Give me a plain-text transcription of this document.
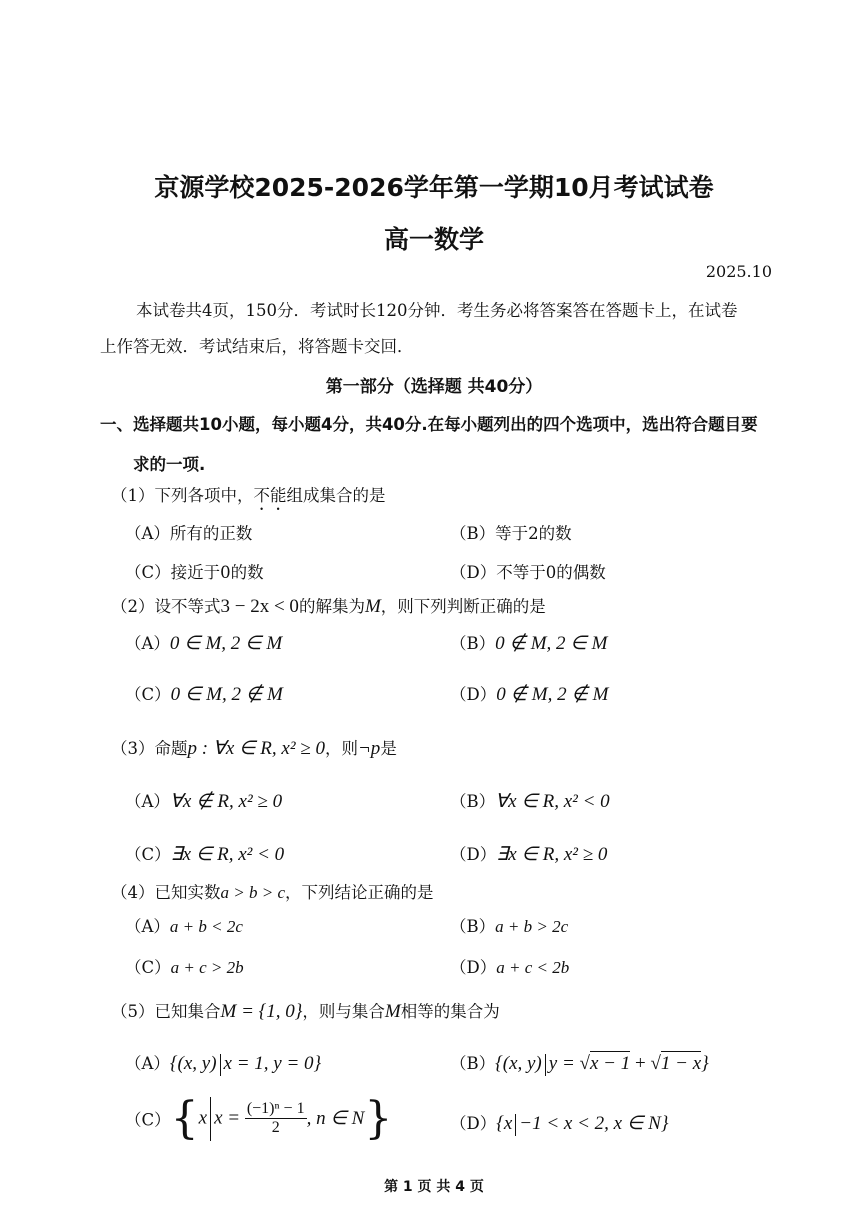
京源学校2025-2026学年第一学期10月考试试卷
高一数学
2025.10
本试卷共4页，150分．考试时长120分钟．考生务必将答案答在答题卡上，在试卷
上作答无效．考试结束后，将答题卡交回．
第一部分（选择题 共40分）
一、选择题共10小题，每小题4分，共40分.在每小题列出的四个选项中，选出符合题目要
求的一项.
（1）下列各项中，不能组成集合的是
（A）所有的正数	（B）等于2的数
（C）接近于0的数	（D）不等于0的偶数
（2）设不等式3 − 2x < 0的解集为M，则下列判断正确的是
（A）0 ∈ M, 2 ∈ M	（B）0 ∉ M, 2 ∈ M
（C）0 ∈ M, 2 ∉ M	（D）0 ∉ M, 2 ∉ M
（3）命题p : ∀x ∈ R, x² ≥ 0，则¬p是
（A）∀x ∉ R, x² ≥ 0	（B）∀x ∈ R, x² < 0
（C）∃x ∈ R, x² < 0	（D）∃x ∈ R, x² ≥ 0
（4）已知实数a > b > c，下列结论正确的是
（A）a + b < 2c	（B）a + b > 2c
（C）a + c > 2b	（D）a + c < 2b
（5）已知集合M = {1, 0}，则与集合M相等的集合为
（A）{(x, y) x = 1, y = 0}	（B）{(x, y) y = √x − 1 + √1 − x}
（C）{x $x = \frac{\text{(−1)ⁿ − 1}}{2}$ , n ∈ N}	（D）{x −1 < x < 2, x ∈ N}
第 1 页 共 4 页
